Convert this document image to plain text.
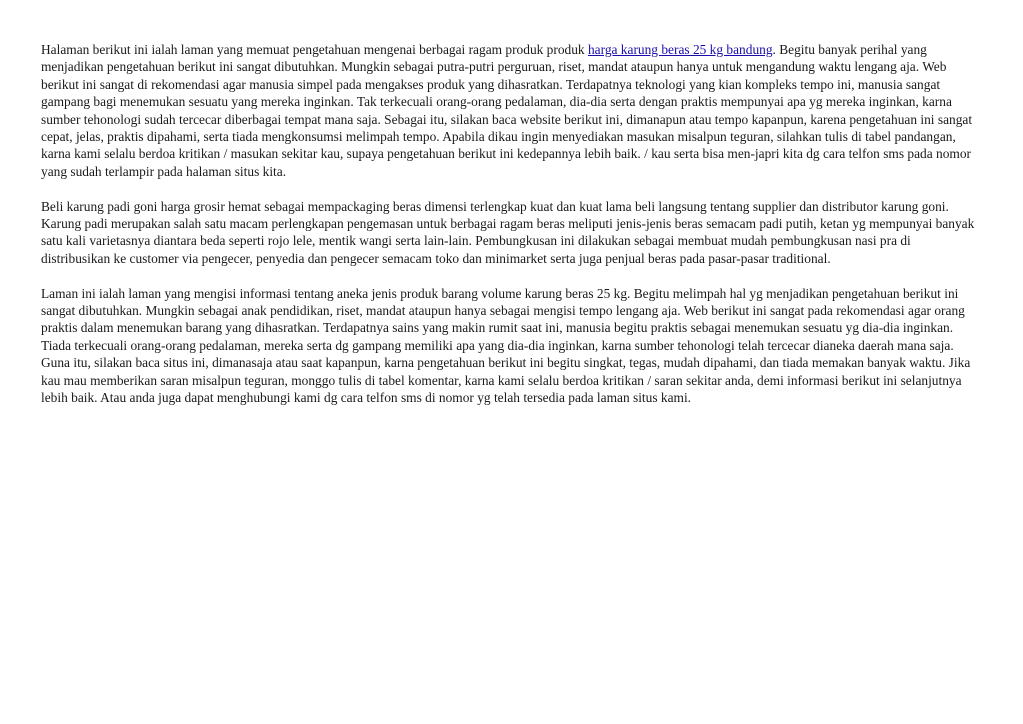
Halaman berikut ini ialah laman yang memuat pengetahuan mengenai berbagai ragam produk produk harga karung beras 25 kg bandung. Begitu banyak perihal yang menjadikan pengetahuan berikut ini sangat dibutuhkan. Mungkin sebagai putra-putri perguruan, riset, mandat ataupun hanya untuk mengandung waktu lengang aja. Web berikut ini sangat di rekomendasi agar manusia simpel pada mengakses produk yang dihasratkan. Terdapatnya teknologi yang kian kompleks tempo ini, manusia sangat gampang bagi menemukan sesuatu yang mereka inginkan. Tak terkecuali orang-orang pedalaman, dia-dia serta dengan praktis mempunyai apa yg mereka inginkan, karna sumber tehonologi sudah tercecar diberbagai tempat mana saja. Sebagai itu, silakan baca website berikut ini, dimanapun atau tempo kapanpun, karena pengetahuan ini sangat cepat, jelas, praktis dipahami, serta tiada mengkonsumsi melimpah tempo. Apabila dikau ingin menyediakan masukan misalpun teguran, silahkan tulis di tabel pandangan, karna kami selalu berdoa kritikan / masukan sekitar kau, supaya pengetahuan berikut ini kedepannya lebih baik. / kau serta bisa men-japri kita dg cara telfon sms pada nomor yang sudah terlampir pada halaman situs kita.

Beli karung padi goni harga grosir hemat sebagai mempackaging beras dimensi terlengkap kuat dan kuat lama beli langsung tentang supplier dan distributor karung goni. Karung padi merupakan salah satu macam perlengkapan pengemasan untuk berbagai ragam beras meliputi jenis-jenis beras semacam padi putih, ketan yg mempunyai banyak satu kali varietasnya diantara beda seperti rojo lele, mentik wangi serta lain-lain. Pembungkusan ini dilakukan sebagai membuat mudah pembungkusan nasi pra di distribusikan ke customer via pengecer, penyedia dan pengecer semacam toko dan minimarket serta juga penjual beras pada pasar-pasar traditional.

Laman ini ialah laman yang mengisi informasi tentang aneka jenis produk barang volume karung beras 25 kg. Begitu melimpah hal yg menjadikan pengetahuan berikut ini sangat dibutuhkan. Mungkin sebagai anak pendidikan, riset, mandat ataupun hanya sebagai mengisi tempo lengang aja. Web berikut ini sangat pada rekomendasi agar orang praktis dalam menemukan barang yang dihasratkan. Terdapatnya sains yang makin rumit saat ini, manusia begitu praktis sebagai menemukan sesuatu yg dia-dia inginkan. Tiada terkecuali orang-orang pedalaman, mereka serta dg gampang memiliki apa yang dia-dia inginkan, karna sumber tehonologi telah tercecar dianeka daerah mana saja. Guna itu, silakan baca situs ini, dimanasaja atau saat kapanpun, karna pengetahuan berikut ini begitu singkat, tegas, mudah dipahami, dan tiada memakan banyak waktu. Jika kau mau memberikan saran misalpun teguran, monggo tulis di tabel komentar, karna kami selalu berdoa kritikan / saran sekitar anda, demi informasi berikut ini selanjutnya lebih baik. Atau anda juga dapat menghubungi kami dg cara telfon sms di nomor yg telah tersedia pada laman situs kami.
